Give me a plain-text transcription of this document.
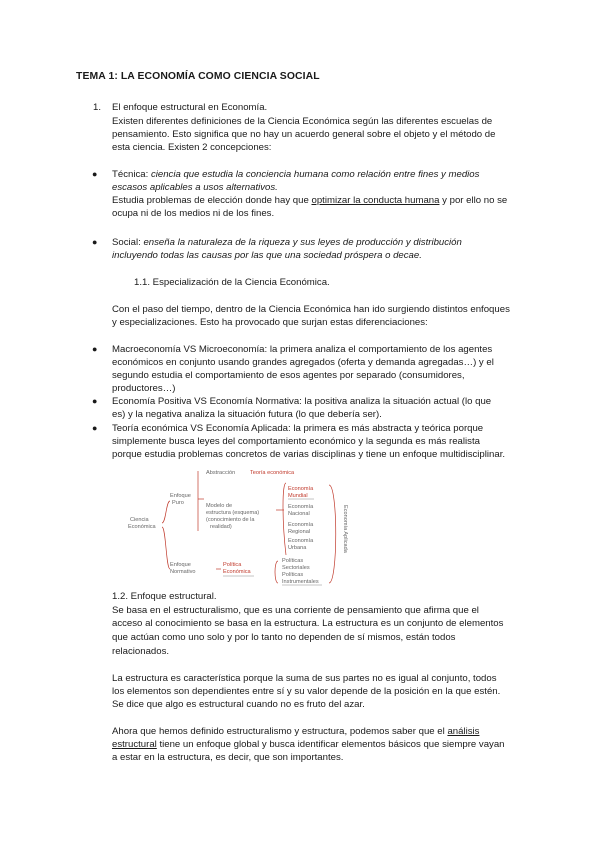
TEMA 1: LA ECONOMÍA COMO CIENCIA SOCIAL
1. El enfoque estructural en Economía.
Existen diferentes definiciones de la Ciencia Económica según las diferentes escuelas de
pensamiento. Esto significa que no hay un acuerdo general sobre el objeto y el método de
esta ciencia. Existen 2 concepciones:
● Técnica: ciencia que estudia la conciencia humana como relación entre fines y medios
escasos aplicables a usos alternativos.
Estudia problemas de elección donde hay que optimizar la conducta humana y por ello no se
ocupa ni de los medios ni de los fines.
● Social: enseña la naturaleza de la riqueza y sus leyes de producción y distribución
incluyendo todas las causas por las que una sociedad próspera o decae.
1.1. Especialización de la Ciencia Económica.
Con el paso del tiempo, dentro de la Ciencia Económica han ido surgiendo distintos enfoques
y especializaciones. Esto ha provocado que surjan estas diferenciaciones:
● Macroeconomía VS Microeconomía: la primera analiza el comportamiento de los agentes
económicos en conjunto usando grandes agregados (oferta y demanda agregadas…) y el
segundo estudia el comportamiento de esos agentes por separado (consumidores,
productores…)
● Economía Positiva VS Economía Normativa: la positiva analiza la situación actual (lo que
es) y la negativa analiza la situación futura (lo que debería ser).
● Teoría económica VS Economía Aplicada: la primera es más abstracta y teórica porque
simplemente busca leyes del comportamiento económico y la segunda es más realista
porque estudia problemas concretos de varias disciplinas y tiene un enfoque multidisciplinar.
Abstracción	Teoría económica
Enfoque
Puro
Ciencia
Económica
Modelo de
estructura (esquema)
(conocimiento de la
realidad)
Economía
Mundial
Economía
Nacional
Economía
Regional
Economía
Urbana
Enfoque
Normativo
Política
Económica
Políticas
Sectoriales
Políticas
Instrumentales
Economía Aplicada
1.2. Enfoque estructural.
Se basa en el estructuralismo, que es una corriente de pensamiento que afirma que el
acceso al conocimiento se basa en la estructura. La estructura es un conjunto de elementos
que actúan como uno solo y por lo tanto no dependen de sí mismos, están todos
relacionados.
La estructura es característica porque la suma de sus partes no es igual al conjunto, todos
los elementos son dependientes entre sí y su valor depende de la posición en la que estén.
Se dice que algo es estructural cuando no es fruto del azar.
Ahora que hemos definido estructuralismo y estructura, podemos saber que el análisis
estructural tiene un enfoque global y busca identificar elementos básicos que siempre vayan
a estar en la estructura, es decir, que son importantes.
